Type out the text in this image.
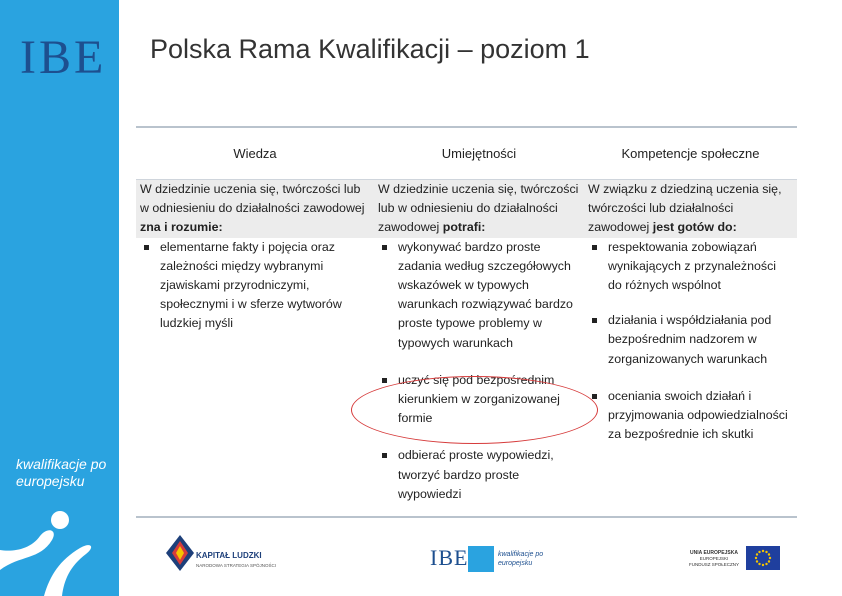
IBE
kwalifikacje po europejsku
Polska Rama Kwalifikacji – poziom 1
Wiedza
W dziedzinie uczenia się, twórczości lub w odniesieniu do działalności zawodowej zna i rozumie:
elementarne fakty i pojęcia oraz zależności między wybranymi zjawiskami przyrodniczymi, społecznymi i w sferze wytworów ludzkiej myśli
Umiejętności
W dziedzinie uczenia się, twórczości lub w odniesieniu do działalności zawodowej potrafi:
wykonywać bardzo proste zadania według szczegółowych wskazówek w typowych warunkach rozwiązywać bardzo proste typowe problemy w typowych warunkach
uczyć się pod bezpośrednim kierunkiem w zorganizowanej formie
odbierać proste wypowiedzi, tworzyć bardzo proste wypowiedzi
Kompetencje społeczne
W związku z dziedziną uczenia się, twórczości lub działalności zawodowej jest gotów do:
respektowania zobowiązań wynikających z przynależności do różnych wspólnot
działania i współdziałania pod bezpośrednim nadzorem w zorganizowanych warunkach
oceniania swoich działań i przyjmowania odpowiedzialności za bezpośrednie ich skutki
KAPITAŁ LUDZKI
NARODOWA STRATEGIA SPÓJNOŚCI	IBE	kwalifikacje po europejsku
UNIA EUROPEJSKA
EUROPEJSKI
FUNDUSZ SPOŁECZNY
